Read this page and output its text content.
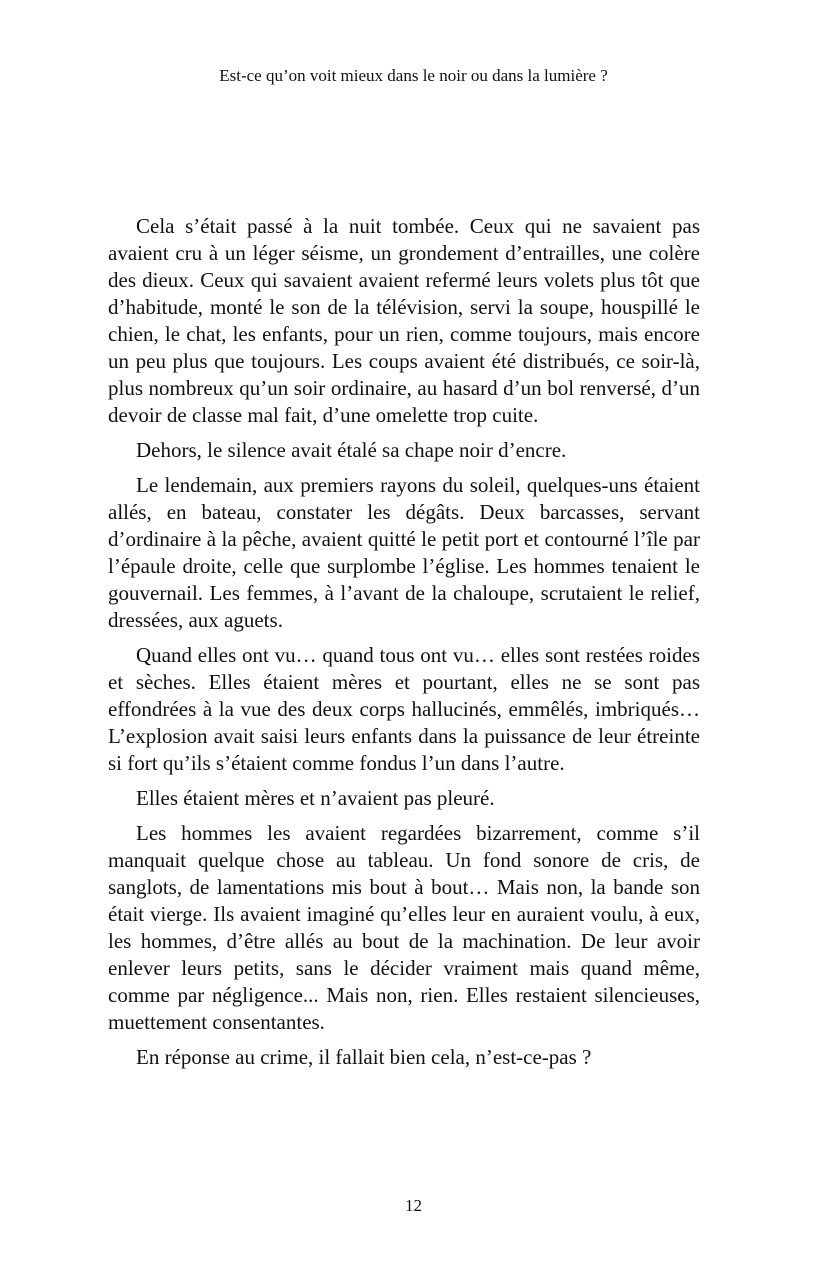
Est-ce qu’on voit mieux dans le noir ou dans la lumière ?

Cela s’était passé à la nuit tombée. Ceux qui ne savaient pas avaient cru à un léger séisme, un grondement d’entrailles, une colère des dieux. Ceux qui savaient avaient refermé leurs volets plus tôt que d’habitude, monté le son de la télévision, servi la soupe, houspillé le chien, le chat, les enfants, pour un rien, comme toujours, mais encore un peu plus que toujours. Les coups avaient été distribués, ce soir-là, plus nombreux qu’un soir ordinaire, au hasard d’un bol renversé, d’un devoir de classe mal fait, d’une omelette trop cuite.

Dehors, le silence avait étalé sa chape noir d’encre.

Le lendemain, aux premiers rayons du soleil, quelques-uns étaient allés, en bateau, constater les dégâts. Deux barcasses, servant d’ordinaire à la pêche, avaient quitté le petit port et contourné l’île par l’épaule droite, celle que surplombe l’église. Les hommes tenaient le gouvernail. Les femmes, à l’avant de la chaloupe, scrutaient le relief, dressées, aux aguets.

Quand elles ont vu… quand tous ont vu… elles sont restées roides et sèches. Elles étaient mères et pourtant, elles ne se sont pas effondrées à la vue des deux corps hallucinés, emmêlés, imbriqués… L’explosion avait saisi leurs enfants dans la puissance de leur étreinte si fort qu’ils s’étaient comme fondus l’un dans l’autre.

Elles étaient mères et n’avaient pas pleuré.

Les hommes les avaient regardées bizarrement, comme s’il manquait quelque chose au tableau. Un fond sonore de cris, de sanglots, de lamentations mis bout à bout… Mais non, la bande son était vierge. Ils avaient imaginé qu’elles leur en auraient voulu, à eux, les hommes, d’être allés au bout de la machination. De leur avoir enlever leurs petits, sans le décider vraiment mais quand même, comme par négligence... Mais non, rien. Elles restaient silencieuses, muettement consentantes.

En réponse au crime, il fallait bien cela, n’est-ce-pas ?

12
